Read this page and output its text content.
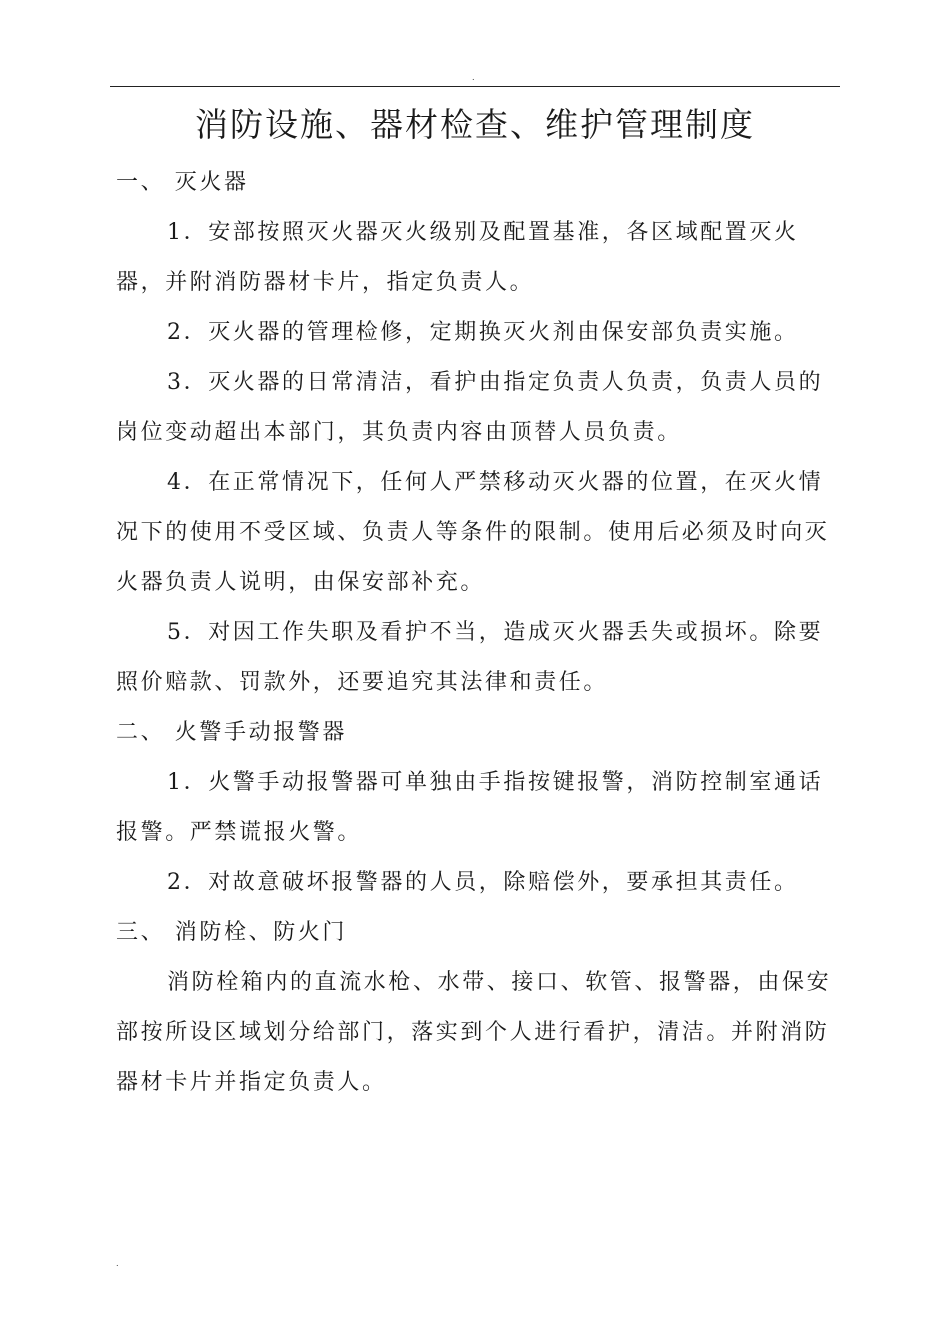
.
消防设施、器材检查、维护管理制度
一、 灭火器

1．安部按照灭火器灭火级别及配置基准，各区域配置灭火器，并附消防器材卡片，指定负责人。

2．灭火器的管理检修，定期换灭火剂由保安部负责实施。

3．灭火器的日常清洁，看护由指定负责人负责，负责人员的岗位变动超出本部门，其负责内容由顶替人员负责。

4．在正常情况下，任何人严禁移动灭火器的位置，在灭火情况下的使用不受区域、负责人等条件的限制。使用后必须及时向灭火器负责人说明，由保安部补充。

5．对因工作失职及看护不当，造成灭火器丢失或损坏。除要照价赔款、罚款外，还要追究其法律和责任。

二、 火警手动报警器

1．火警手动报警器可单独由手指按键报警，消防控制室通话报警。严禁谎报火警。

2．对故意破坏报警器的人员，除赔偿外，要承担其责任。

三、 消防栓、防火门

消防栓箱内的直流水枪、水带、接口、软管、报警器，由保安部按所设区域划分给部门，落实到个人进行看护，清洁。并附消防器材卡片并指定负责人。

.
